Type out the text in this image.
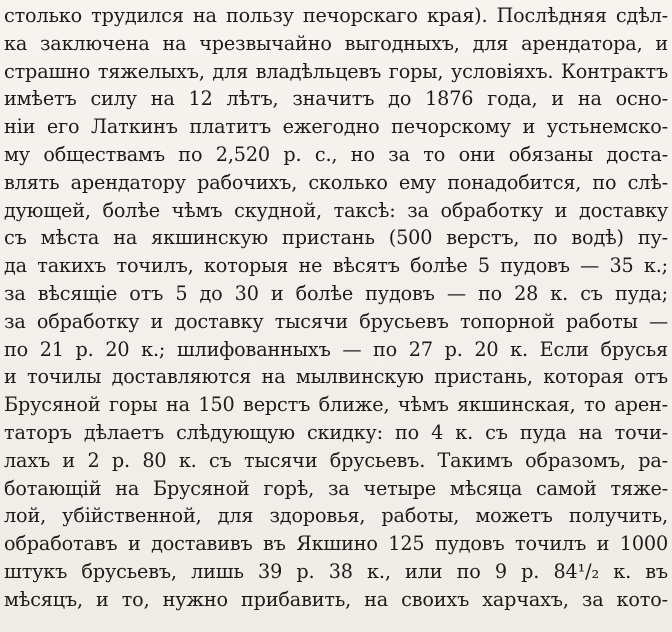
столько трудился на пользу печорскаго края). Послѣдняя сдѣл-
ка заключена на чрезвычайно выгодныхъ, для арендатора, и
страшно тяжелыхъ, для владѣльцевъ горы, условіяхъ. Контрактъ
имѣетъ силу на 12 лѣтъ, значитъ до 1876 года, и на осно-
ніи его Латкинъ платитъ ежегодно печорскому и устьнемско-
му обществамъ по 2,520 р. с., но за то они обязаны доста-
влять арендатору рабочихъ, сколько ему понадобится, по слѣ-
дующей, болѣе чѣмъ скудной, таксѣ: за обработку и доставку
съ мѣста на якшинскую пристань (500 верстъ, по водѣ) пу-
да такихъ точилъ, которыя не вѣсятъ болѣе 5 пудовъ — 35 к.;
за вѣсящіе отъ 5 до 30 и болѣе пудовъ — по 28 к. съ пуда;
за обработку и доставку тысячи брусьевъ топорной работы —
по 21 р. 20 к.; шлифованныхъ — по 27 р. 20 к. Если брусья
и точилы доставляются на мылвинскую пристань, которая отъ
Брусяной горы на 150 верстъ ближе, чѣмъ якшинская, то арен-
таторъ дѣлаетъ слѣдующую скидку: по 4 к. съ пуда на точи-
лахъ и 2 р. 80 к. съ тысячи брусьевъ. Такимъ образомъ, ра-
ботающій на Брусяной горѣ, за четыре мѣсяца самой тяже-
лой, убійственной, для здоровья, работы, можетъ получить,
обработавъ и доставивъ въ Якшино 125 пудовъ точилъ и 1000
штукъ брусьевъ, лишь 39 р. 38 к., или по 9 р. 84¹/₂ к. въ
мѣсяцъ, и то, нужно прибавить, на своихъ харчахъ, за кото-
